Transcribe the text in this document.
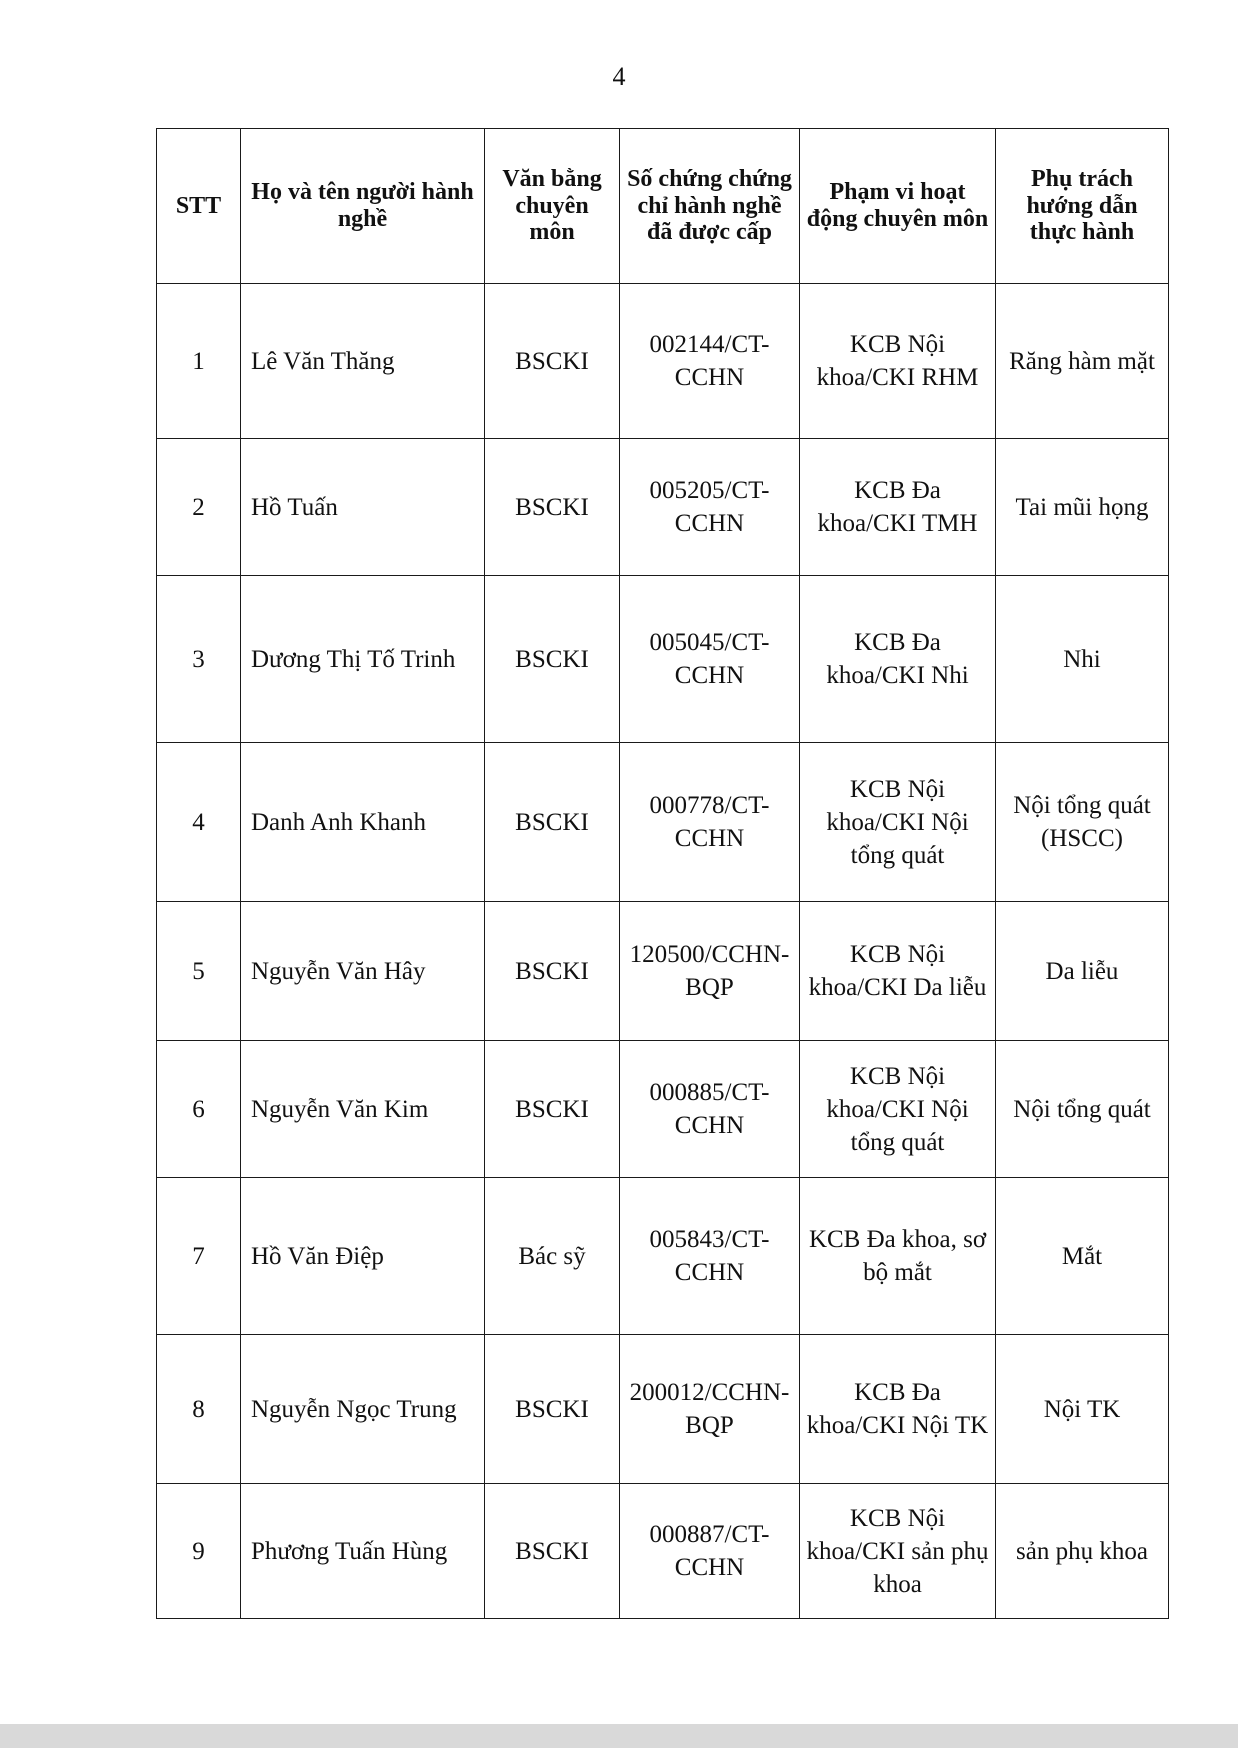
4
STT	Họ và tên người hành nghề	Văn bằng chuyên môn	Số chứng chứng chỉ hành nghề đã được cấp	Phạm vi hoạt động chuyên môn	Phụ trách hướng dẫn thực hành
1	Lê Văn Thăng	BSCKI	002144/CT-CCHN	KCB Nội khoa/CKI RHM	Răng hàm mặt
2	Hồ Tuấn	BSCKI	005205/CT-CCHN	KCB Đa khoa/CKI TMH	Tai mũi họng
3	Dương Thị Tố Trinh	BSCKI	005045/CT-CCHN	KCB Đa khoa/CKI Nhi	Nhi
4	Danh Anh Khanh	BSCKI	000778/CT-CCHN	KCB Nội khoa/CKI Nội tổng quát	Nội tổng quát (HSCC)
5	Nguyễn Văn Hây	BSCKI	120500/CCHN-BQP	KCB Nội khoa/CKI Da liễu	Da liễu
6	Nguyễn Văn Kim	BSCKI	000885/CT-CCHN	KCB Nội khoa/CKI Nội tổng quát	Nội tổng quát
7	Hồ Văn Điệp	Bác sỹ	005843/CT-CCHN	KCB Đa khoa, sơ bộ mắt	Mắt
8	Nguyễn Ngọc Trung	BSCKI	200012/CCHN-BQP	KCB Đa khoa/CKI Nội TK	Nội TK
9	Phương Tuấn Hùng	BSCKI	000887/CT-CCHN	KCB Nội khoa/CKI sản phụ khoa	sản phụ khoa
